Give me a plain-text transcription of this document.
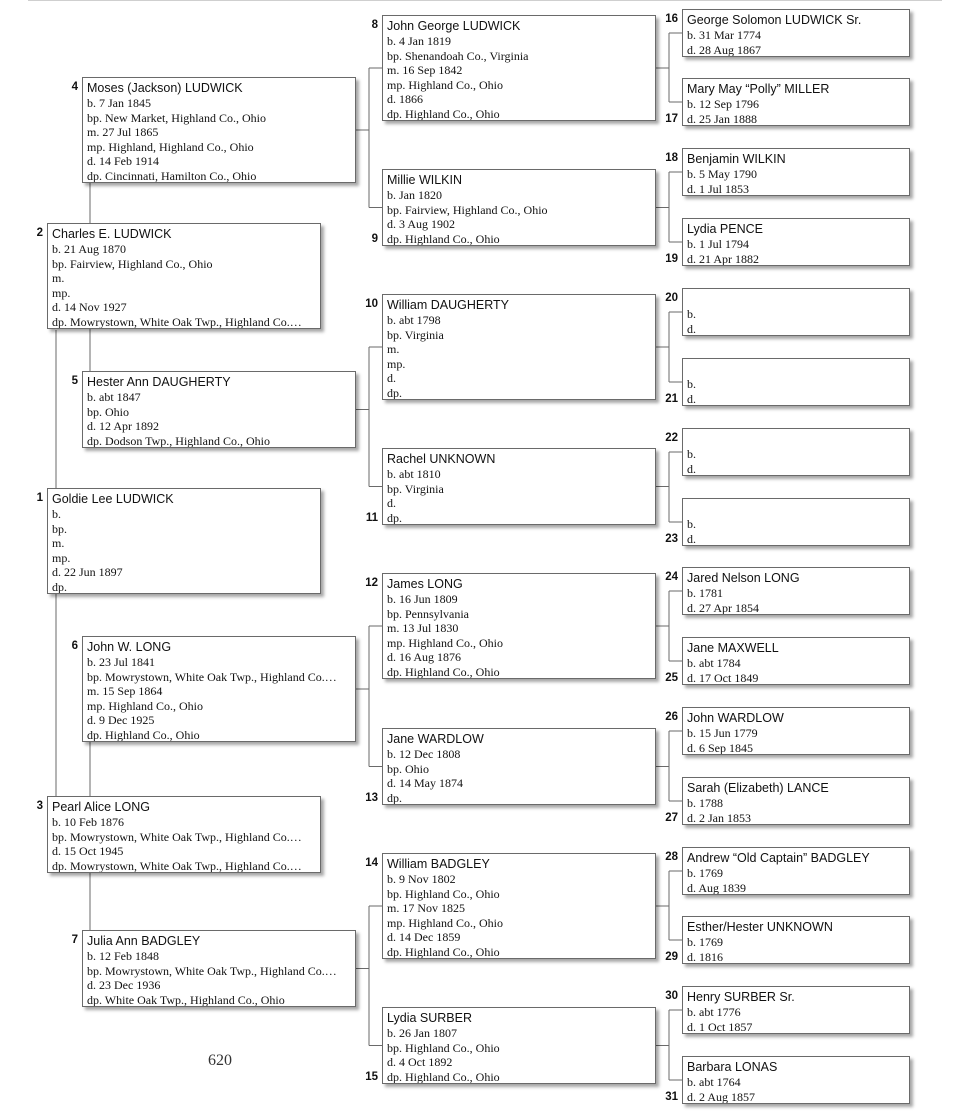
Goldie Lee LUDWICK
b.
bp.
m.
mp.
d. 22 Jun 1897
dp.
1
Charles E. LUDWICK
b. 21 Aug 1870
bp. Fairview, Highland Co., Ohio
m.
mp.
d. 14 Nov 1927
dp. Mowrystown, White Oak Twp., Highland Co.…
2
Pearl Alice LONG
b. 10 Feb 1876
bp. Mowrystown, White Oak Twp., Highland Co.…
d. 15 Oct 1945
dp. Mowrystown, White Oak Twp., Highland Co.…
3
Moses (Jackson) LUDWICK
b. 7 Jan 1845
bp. New Market, Highland Co., Ohio
m. 27 Jul 1865
mp. Highland, Highland Co., Ohio
d. 14 Feb 1914
dp. Cincinnati, Hamilton Co., Ohio
4
Hester Ann DAUGHERTY
b. abt 1847
bp. Ohio
d. 12 Apr 1892
dp. Dodson Twp., Highland Co., Ohio
5
John W. LONG
b. 23 Jul 1841
bp. Mowrystown, White Oak Twp., Highland Co.…
m. 15 Sep 1864
mp. Highland Co., Ohio
d. 9 Dec 1925
dp. Highland Co., Ohio
6
Julia Ann BADGLEY
b. 12 Feb 1848
bp. Mowrystown, White Oak Twp., Highland Co.…
d. 23 Dec 1936
dp. White Oak Twp., Highland Co., Ohio
7
John George LUDWICK
b. 4 Jan 1819
bp. Shenandoah Co., Virginia
m. 16 Sep 1842
mp. Highland Co., Ohio
d. 1866
dp. Highland Co., Ohio
8
Millie WILKIN
b. Jan 1820
bp. Fairview, Highland Co., Ohio
d. 3 Aug 1902
dp. Highland Co., Ohio
9
William DAUGHERTY
b. abt 1798
bp. Virginia
m.
mp.
d.
dp.
10
Rachel UNKNOWN
b. abt 1810
bp. Virginia
d.
dp.
11
James LONG
b. 16 Jun 1809
bp. Pennsylvania
m. 13 Jul 1830
mp. Highland Co., Ohio
d. 16 Aug 1876
dp. Highland Co., Ohio
12
Jane WARDLOW
b. 12 Dec 1808
bp. Ohio
d. 14 May 1874
dp.
13
William BADGLEY
b. 9 Nov 1802
bp. Highland Co., Ohio
m. 17 Nov 1825
mp. Highland Co., Ohio
d. 14 Dec 1859
dp. Highland Co., Ohio
14
Lydia SURBER
b. 26 Jan 1807
bp. Highland Co., Ohio
d. 4 Oct 1892
dp. Highland Co., Ohio
15
George Solomon LUDWICK Sr.
b. 31 Mar 1774
d. 28 Aug 1867
16
Mary May “Polly” MILLER
b. 12 Sep 1796
d. 25 Jan 1888
17
Benjamin WILKIN
b. 5 May 1790
d. 1 Jul 1853
18
Lydia PENCE
b. 1 Jul 1794
d. 21 Apr 1882
19

b.
d.
20

b.
d.
21

b.
d.
22

b.
d.
23
Jared Nelson LONG
b. 1781
d. 27 Apr 1854
24
Jane MAXWELL
b. abt 1784
d. 17 Oct 1849
25
John WARDLOW
b. 15 Jun 1779
d. 6 Sep 1845
26
Sarah (Elizabeth) LANCE
b. 1788
d. 2 Jan 1853
27
Andrew “Old Captain” BADGLEY
b. 1769
d. Aug 1839
28
Esther/Hester UNKNOWN
b. 1769
d. 1816
29
Henry SURBER Sr.
b. abt 1776
d. 1 Oct 1857
30
Barbara LONAS
b. abt 1764
d. 2 Aug 1857
31
620
